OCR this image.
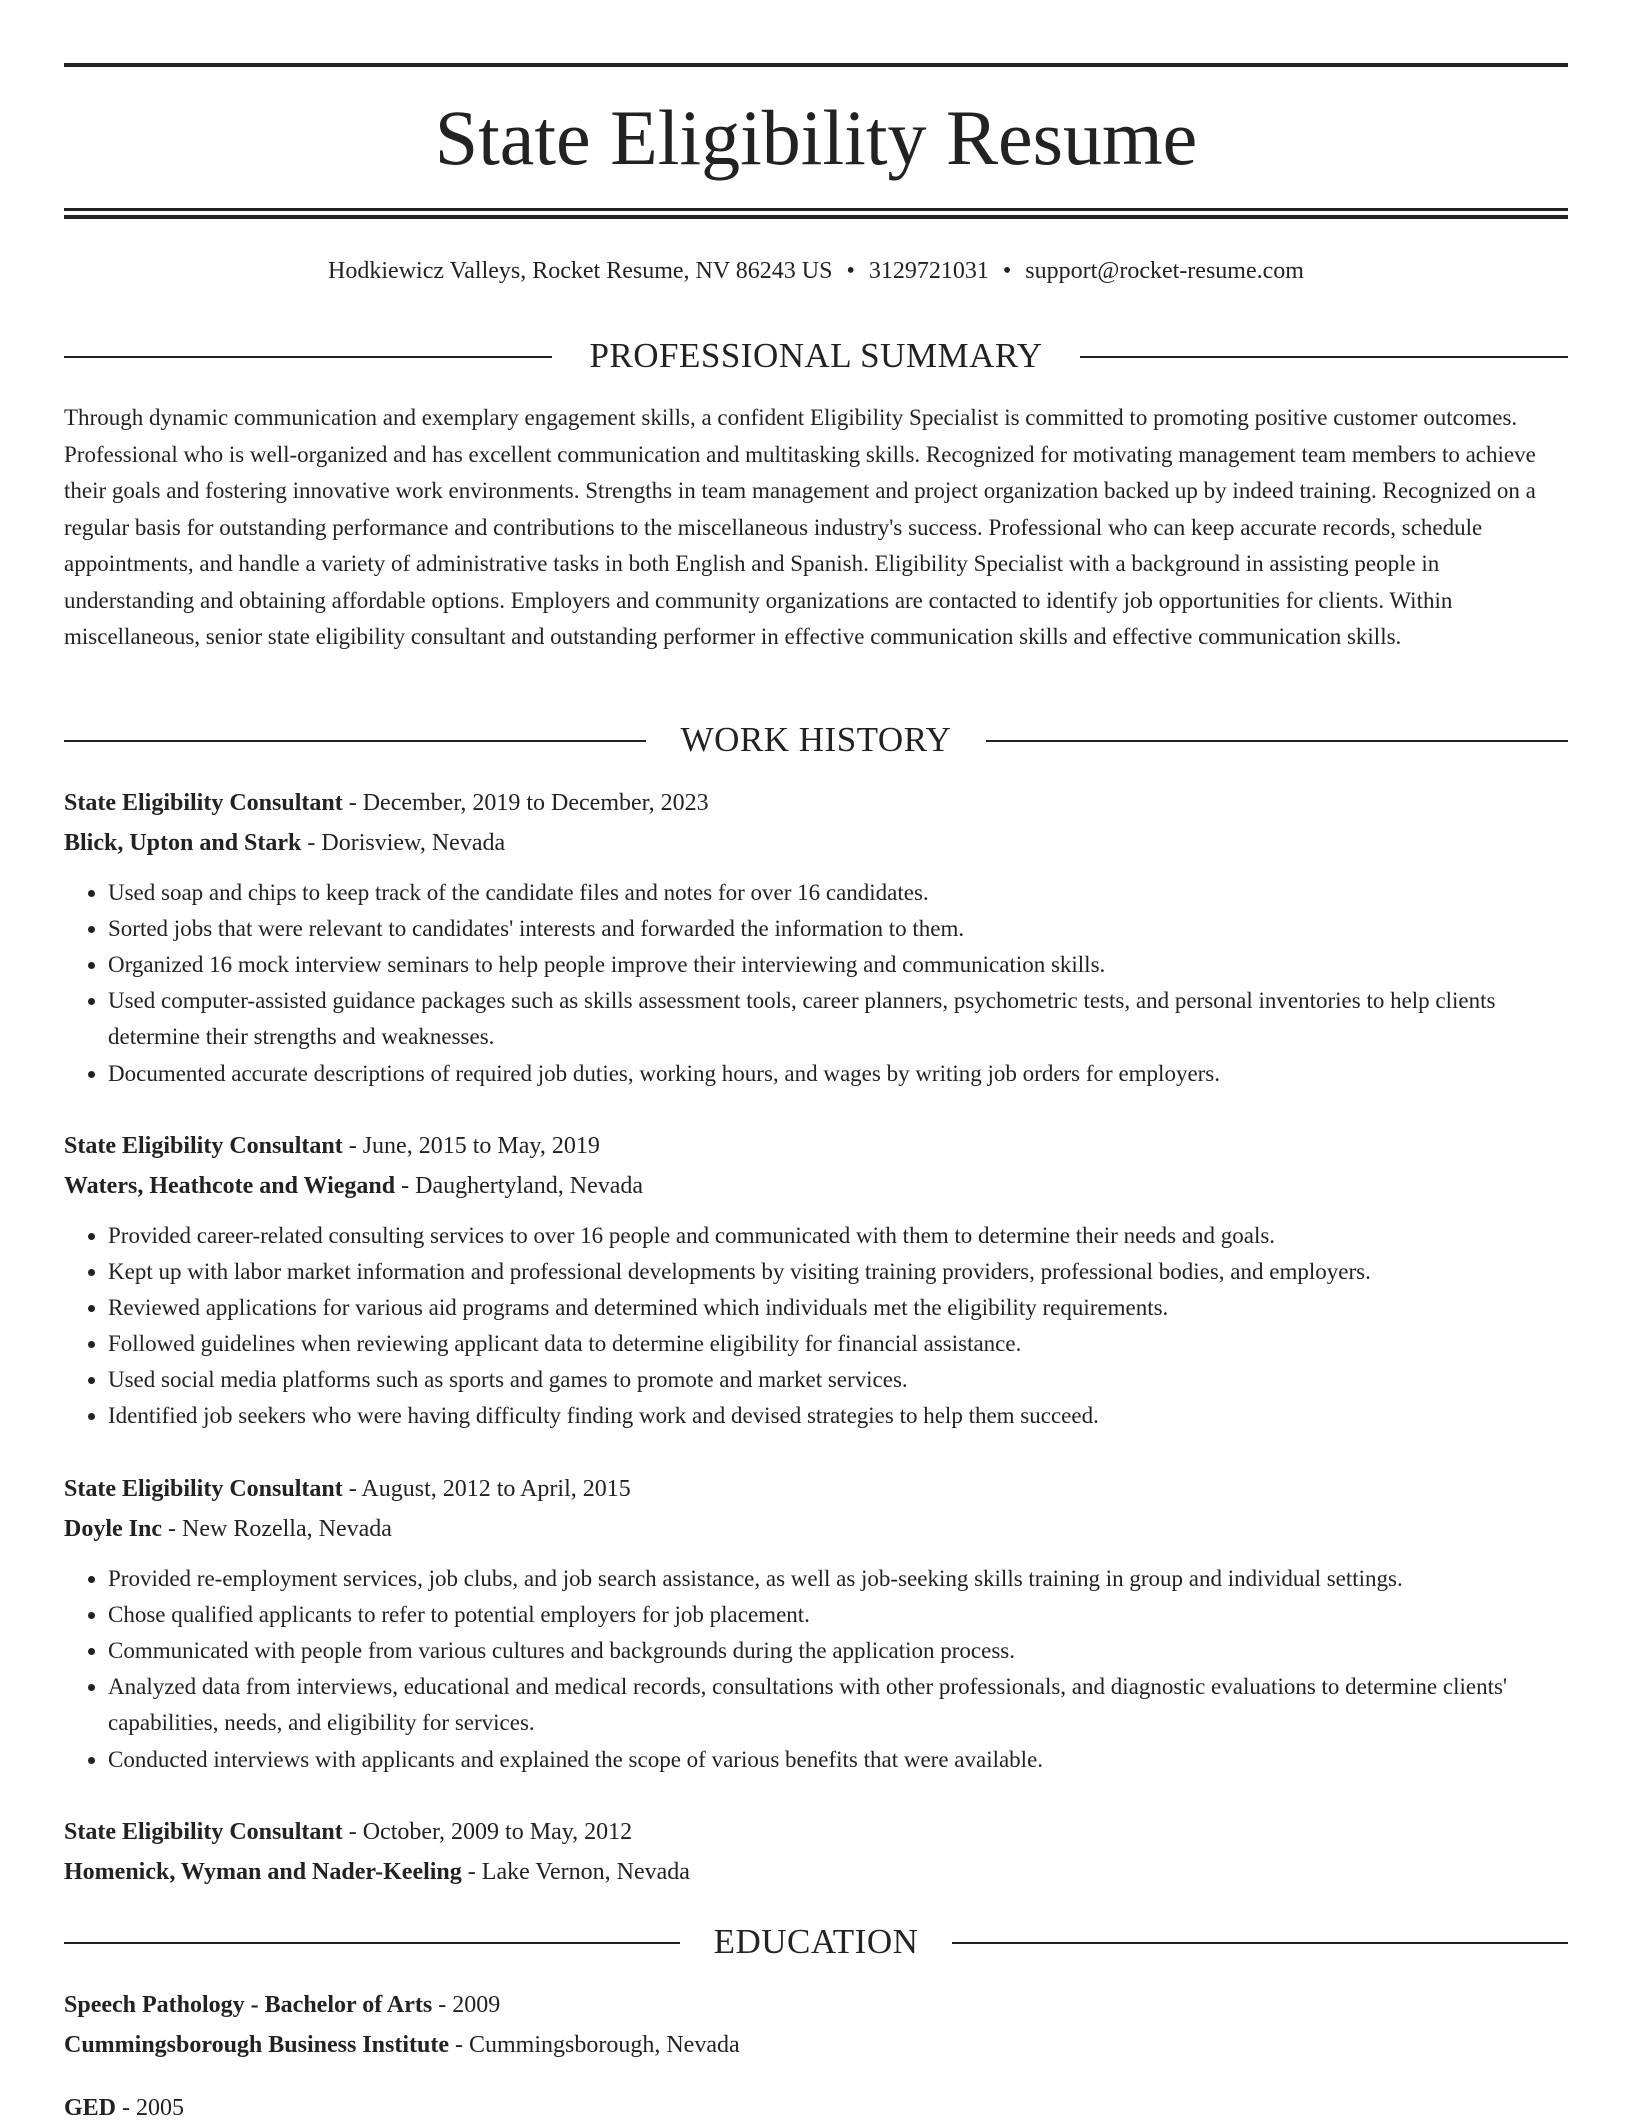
State Eligibility Resume
Hodkiewicz Valleys, Rocket Resume, NV 86243 US • 3129721031 • support@rocket-resume.com
PROFESSIONAL SUMMARY

Through dynamic communication and exemplary engagement skills, a confident Eligibility Specialist is committed to promoting positive customer outcomes. Professional who is well-organized and has excellent communication and multitasking skills. Recognized for motivating management team members to achieve their goals and fostering innovative work environments. Strengths in team management and project organization backed up by indeed training. Recognized on a regular basis for outstanding performance and contributions to the miscellaneous industry's success. Professional who can keep accurate records, schedule appointments, and handle a variety of administrative tasks in both English and Spanish. Eligibility Specialist with a background in assisting people in understanding and obtaining affordable options. Employers and community organizations are contacted to identify job opportunities for clients. Within miscellaneous, senior state eligibility consultant and outstanding performer in effective communication skills and effective communication skills.

WORK HISTORY
State Eligibility Consultant - December, 2019 to December, 2023
Blick, Upton and Stark - Dorisview, Nevada
• Used soap and chips to keep track of the candidate files and notes for over 16 candidates.
• Sorted jobs that were relevant to candidates' interests and forwarded the information to them.
• Organized 16 mock interview seminars to help people improve their interviewing and communication skills.
• Used computer-assisted guidance packages such as skills assessment tools, career planners, psychometric tests, and personal inventories to help clients determine their strengths and weaknesses.
• Documented accurate descriptions of required job duties, working hours, and wages by writing job orders for employers.
State Eligibility Consultant - June, 2015 to May, 2019
Waters, Heathcote and Wiegand - Daughertyland, Nevada
• Provided career-related consulting services to over 16 people and communicated with them to determine their needs and goals.
• Kept up with labor market information and professional developments by visiting training providers, professional bodies, and employers.
• Reviewed applications for various aid programs and determined which individuals met the eligibility requirements.
• Followed guidelines when reviewing applicant data to determine eligibility for financial assistance.
• Used social media platforms such as sports and games to promote and market services.
• Identified job seekers who were having difficulty finding work and devised strategies to help them succeed.
State Eligibility Consultant - August, 2012 to April, 2015
Doyle Inc - New Rozella, Nevada
• Provided re-employment services, job clubs, and job search assistance, as well as job-seeking skills training in group and individual settings.
• Chose qualified applicants to refer to potential employers for job placement.
• Communicated with people from various cultures and backgrounds during the application process.
• Analyzed data from interviews, educational and medical records, consultations with other professionals, and diagnostic evaluations to determine clients' capabilities, needs, and eligibility for services.
• Conducted interviews with applicants and explained the scope of various benefits that were available.
State Eligibility Consultant - October, 2009 to May, 2012
Homenick, Wyman and Nader-Keeling - Lake Vernon, Nevada
EDUCATION
Speech Pathology - Bachelor of Arts - 2009
Cummingsborough Business Institute - Cummingsborough, Nevada
GED - 2005
